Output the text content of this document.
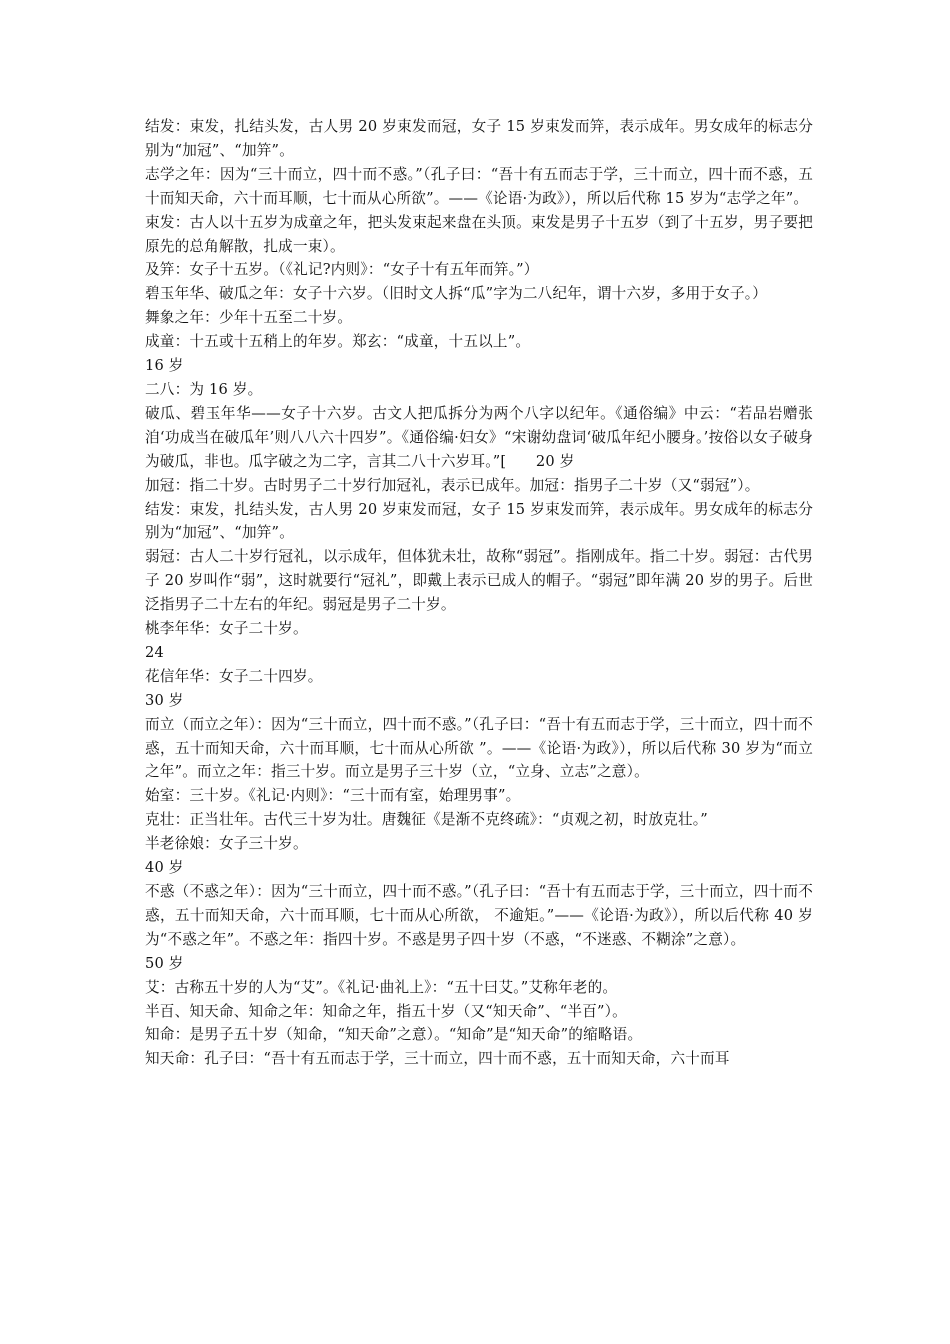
结发：束发，扎结头发，古人男 20 岁束发而冠，女子 15 岁束发而笄，表示成年。男女成年的标志分别为“加冠”、“加笄”。

志学之年：因为“三十而立，四十而不惑。”（孔子曰：“吾十有五而志于学，三十而立，四十而不惑，五十而知天命，六十而耳顺，七十而从心所欲”。——《论语·为政》），所以后代称 15 岁为“志学之年”。

束发：古人以十五岁为成童之年，把头发束起来盘在头顶。束发是男子十五岁（到了十五岁，男子要把原先的总角解散，扎成一束）。

及笄：女子十五岁。（《礼记?内则》：“女子十有五年而笄。”）

碧玉年华、破瓜之年：女子十六岁。（旧时文人拆“瓜”字为二八纪年，谓十六岁，多用于女子。）

舞象之年：少年十五至二十岁。

成童：十五或十五稍上的年岁。郑玄：“成童，十五以上”。

16 岁

二八：为 16 岁。

破瓜、碧玉年华——女子十六岁。古文人把瓜拆分为两个八字以纪年。《通俗编》中云：“若品岩赠张洎‘功成当在破瓜年’则八八六十四岁”。《通俗编·妇女》“宋谢幼盘词‘破瓜年纪小腰身。’按俗以女子破身为破瓜，非也。瓜字破之为二字，言其二八十六岁耳。”[　　20 岁

加冠：指二十岁。古时男子二十岁行加冠礼，表示已成年。加冠：指男子二十岁（又“弱冠”）。

结发：束发，扎结头发，古人男 20 岁束发而冠，女子 15 岁束发而笄，表示成年。男女成年的标志分别为“加冠”、“加笄”。

弱冠：古人二十岁行冠礼，以示成年，但体犹未壮，故称“弱冠”。指刚成年。指二十岁。弱冠：古代男子 20 岁叫作“弱”，这时就要行“冠礼”，即戴上表示已成人的帽子。“弱冠”即年满 20 岁的男子。后世泛指男子二十左右的年纪。弱冠是男子二十岁。

桃李年华：女子二十岁。

24

花信年华：女子二十四岁。

30 岁

而立（而立之年）：因为“三十而立，四十而不惑。”（孔子曰：“吾十有五而志于学，三十而立，四十而不惑，五十而知天命，六十而耳顺，七十而从心所欲 ”。——《论语·为政》），所以后代称 30 岁为“而立之年”。而立之年：指三十岁。而立是男子三十岁（立，“立身、立志”之意）。

始室：三十岁。《礼记·内则》：“三十而有室，始理男事”。

克壮：正当壮年。古代三十岁为壮。唐魏征《是渐不克终疏》：“贞观之初，时放克壮。”

半老徐娘：女子三十岁。

40 岁

不惑（不惑之年）：因为“三十而立，四十而不惑。”（孔子曰：“吾十有五而志于学，三十而立，四十而不惑，五十而知天命，六十而耳顺，七十而从心所欲， 不逾矩。”——《论语·为政》），所以后代称 40 岁为“不惑之年”。不惑之年：指四十岁。不惑是男子四十岁（不惑，“不迷惑、不糊涂”之意）。

50 岁

艾：古称五十岁的人为“艾”。《礼记·曲礼上》：“五十曰艾。”艾称年老的。

半百、知天命、知命之年：知命之年，指五十岁（又“知天命”、“半百”）。

知命：是男子五十岁（知命，“知天命”之意）。“知命”是“知天命”的缩略语。

知天命：孔子曰：“吾十有五而志于学，三十而立，四十而不惑，五十而知天命，六十而耳
